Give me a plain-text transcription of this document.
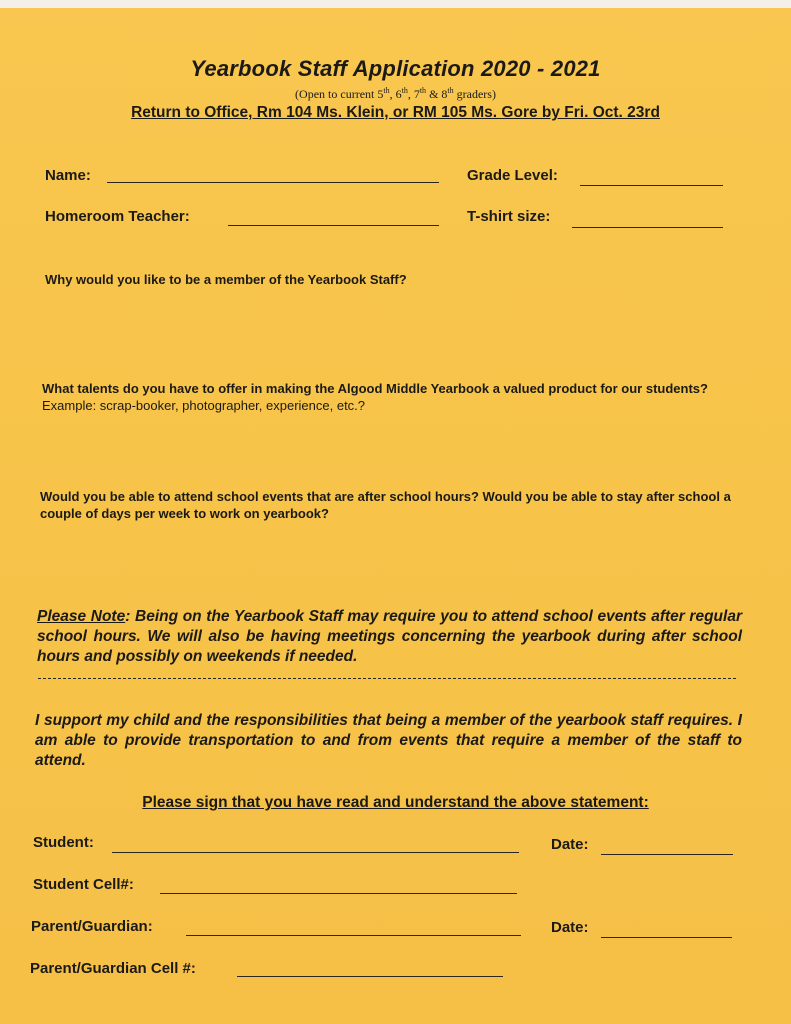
Yearbook Staff Application 2020 - 2021
(Open to current 5th, 6th, 7th & 8th graders)
Return to Office, Rm 104 Ms. Klein, or RM 105 Ms. Gore by Fri. Oct. 23rd
Name:	Grade Level:
Homeroom Teacher:	T-shirt size:
Why would you like to be a member of the Yearbook Staff?
What talents do you have to offer in making the Algood Middle Yearbook a valued product for our students? Example: scrap-booker, photographer, experience, etc.?
Would you be able to attend school events that are after school hours? Would you be able to stay after school a couple of days per week to work on yearbook?
Please Note: Being on the Yearbook Staff may require you to attend school events after regular school hours. We will also be having meetings concerning the yearbook during after school hours and possibly on weekends if needed.
I support my child and the responsibilities that being a member of the yearbook staff requires. I am able to provide transportation to and from events that require a member of the staff to attend.
Please sign that you have read and understand the above statement:
Student:	Date:
Student Cell#:
Parent/Guardian:	Date:
Parent/Guardian Cell #:
